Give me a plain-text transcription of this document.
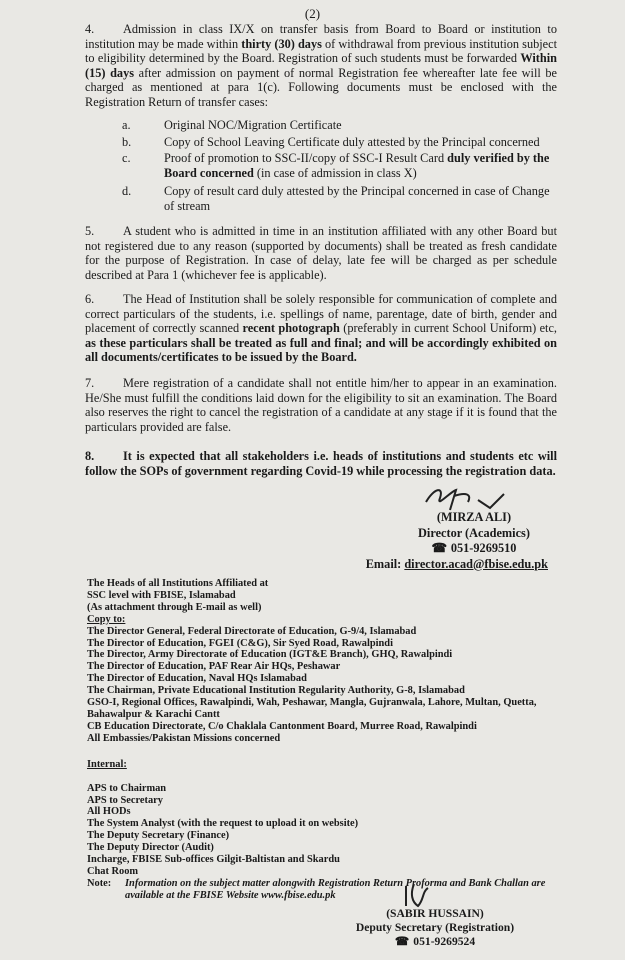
(2)
4. Admission in class IX/X on transfer basis from Board to Board or institution to institution may be made within thirty (30) days of withdrawal from previous institution subject to eligibility determined by the Board. Registration of such students must be forwarded Within (15) days after admission on payment of normal Registration fee whereafter late fee will be charged as mentioned at para 1(c). Following documents must be enclosed with the Registration Return of transfer cases:
a.	Original NOC/Migration Certificate
b.	Copy of School Leaving Certificate duly attested by the Principal concerned
c.	Proof of promotion to SSC-II/copy of SSC-I Result Card duly verified by the Board concerned (in case of admission in class X)
d.	Copy of result card duly attested by the Principal concerned in case of Change of stream
5. A student who is admitted in time in an institution affiliated with any other Board but not registered due to any reason (supported by documents) shall be treated as fresh candidate for the purpose of Registration. In case of delay, late fee will be charged as per schedule described at Para 1 (whichever fee is applicable).
6. The Head of Institution shall be solely responsible for communication of complete and correct particulars of the students, i.e. spellings of name, parentage, date of birth, gender and placement of correctly scanned recent photograph (preferably in current School Uniform) etc, as these particulars shall be treated as full and final; and will be accordingly exhibited on all documents/certificates to be issued by the Board.
7. Mere registration of a candidate shall not entitle him/her to appear in an examination. He/She must fulfill the conditions laid down for the eligibility to sit an examination. The Board also reserves the right to cancel the registration of a candidate at any stage if it is found that the particulars provided are false.
8. It is expected that all stakeholders i.e. heads of institutions and students etc will follow the SOPs of government regarding Covid-19 while processing the registration data.
(MIRZA ALI)
Director (Academics)
☎ 051-9269510
Email: director.acad@fbise.edu.pk
The Heads of all Institutions Affiliated at
SSC level with FBISE, Islamabad
(As attachment through E-mail as well)
Copy to:
The Director General, Federal Directorate of Education, G-9/4, Islamabad
The Director of Education, FGEI (C&G), Sir Syed Road, Rawalpindi
The Director, Army Directorate of Education (IGT&E Branch), GHQ, Rawalpindi
The Director of Education, PAF Rear Air HQs, Peshawar
The Director of Education, Naval HQs Islamabad
The Chairman, Private Educational Institution Regularity Authority, G-8, Islamabad
GSO-I, Regional Offices, Rawalpindi, Wah, Peshawar, Mangla, Gujranwala, Lahore, Multan, Quetta, Bahawalpur & Karachi Cantt
CB Education Directorate, C/o Chaklala Cantonment Board, Murree Road, Rawalpindi
All Embassies/Pakistan Missions concerned
Internal:
APS to Chairman
APS to Secretary
All HODs
The System Analyst (with the request to upload it on website)
The Deputy Secretary (Finance)
The Deputy Director (Audit)
Incharge, FBISE Sub-offices Gilgit-Baltistan and Skardu
Chat Room
Note:	Information on the subject matter alongwith Registration Return Proforma and Bank Challan are available at the FBISE Website www.fbise.edu.pk
(SABIR HUSSAIN)
Deputy Secretary (Registration)
☎ 051-9269524
